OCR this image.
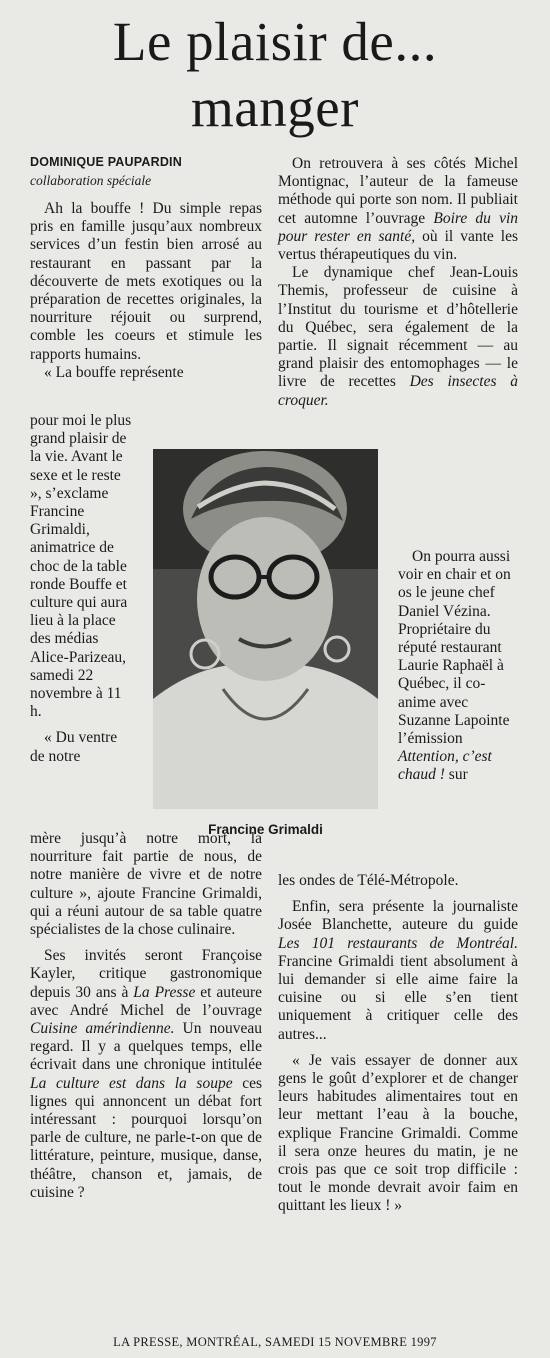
Le plaisir de...
manger
DOMINIQUE PAUPARDIN
collaboration spéciale

Ah la bouffe ! Du simple repas pris en famille jusqu’aux nombreux services d’un festin bien arrosé au restaurant en passant par la découverte de mets exotiques ou la préparation de recettes originales, la nourriture réjouit ou surprend, comble les coeurs et stimule les rapports humains.

« La bouffe représente

pour moi le plus grand plaisir de la vie. Avant le sexe et le reste », s’exclame Francine Grimaldi, animatrice de choc de la table ronde Bouffe et culture qui aura lieu à la place des médias Alice-Parizeau, samedi 22 novembre à 11 h.

« Du ventre de notre

mère jusqu’à notre mort, la nourriture fait partie de nous, de notre manière de vivre et de notre culture », ajoute Francine Grimaldi, qui a réuni autour de sa table quatre spécialistes de la chose culinaire.

Ses invités seront Françoise Kayler, critique gastronomique depuis 30 ans à La Presse et auteure avec André Michel de l’ouvrage Cuisine amérindienne. Un nouveau regard. Il y a quelques temps, elle écrivait dans une chronique intitulée La culture est dans la soupe ces lignes qui annoncent un débat fort intéressant : pourquoi lorsqu’on parle de culture, ne parle-t-on que de littérature, peinture, musique, danse, théâtre, chanson et, jamais, de cuisine ?

On retrouvera à ses côtés Michel Montignac, l’auteur de la fameuse méthode qui porte son nom. Il publiait cet automne l’ouvrage Boire du vin pour rester en santé, où il vante les vertus thérapeutiques du vin.

Le dynamique chef Jean-Louis Themis, professeur de cuisine à l’Institut du tourisme et d’hôtellerie du Québec, sera également de la partie. Il signait récemment — au grand plaisir des entomophages — le livre de recettes Des insectes à croquer.

On pourra aussi voir en chair et on os le jeune chef Daniel Vézina. Propriétaire du réputé restaurant Laurie Raphaël à Québec, il co-anime avec Suzanne Lapointe l’émission Attention, c’est chaud ! sur

les ondes de Télé-Métropole.

Enfin, sera présente la journaliste Josée Blanchette, auteure du guide Les 101 restaurants de Montréal. Francine Grimaldi tient absolument à lui demander si elle aime faire la cuisine ou si elle s’en tient uniquement à critiquer celle des autres...

« Je vais essayer de donner aux gens le goût d’explorer et de changer leurs habitudes alimentaires tout en leur mettant l’eau à la bouche, explique Francine Grimaldi. Comme il sera onze heures du matin, je ne crois pas que ce soit trop difficile : tout le monde devrait avoir faim en quittant les lieux ! »

Francine Grimaldi
LA PRESSE, MONTRÉAL, SAMEDI 15 NOVEMBRE 1997
